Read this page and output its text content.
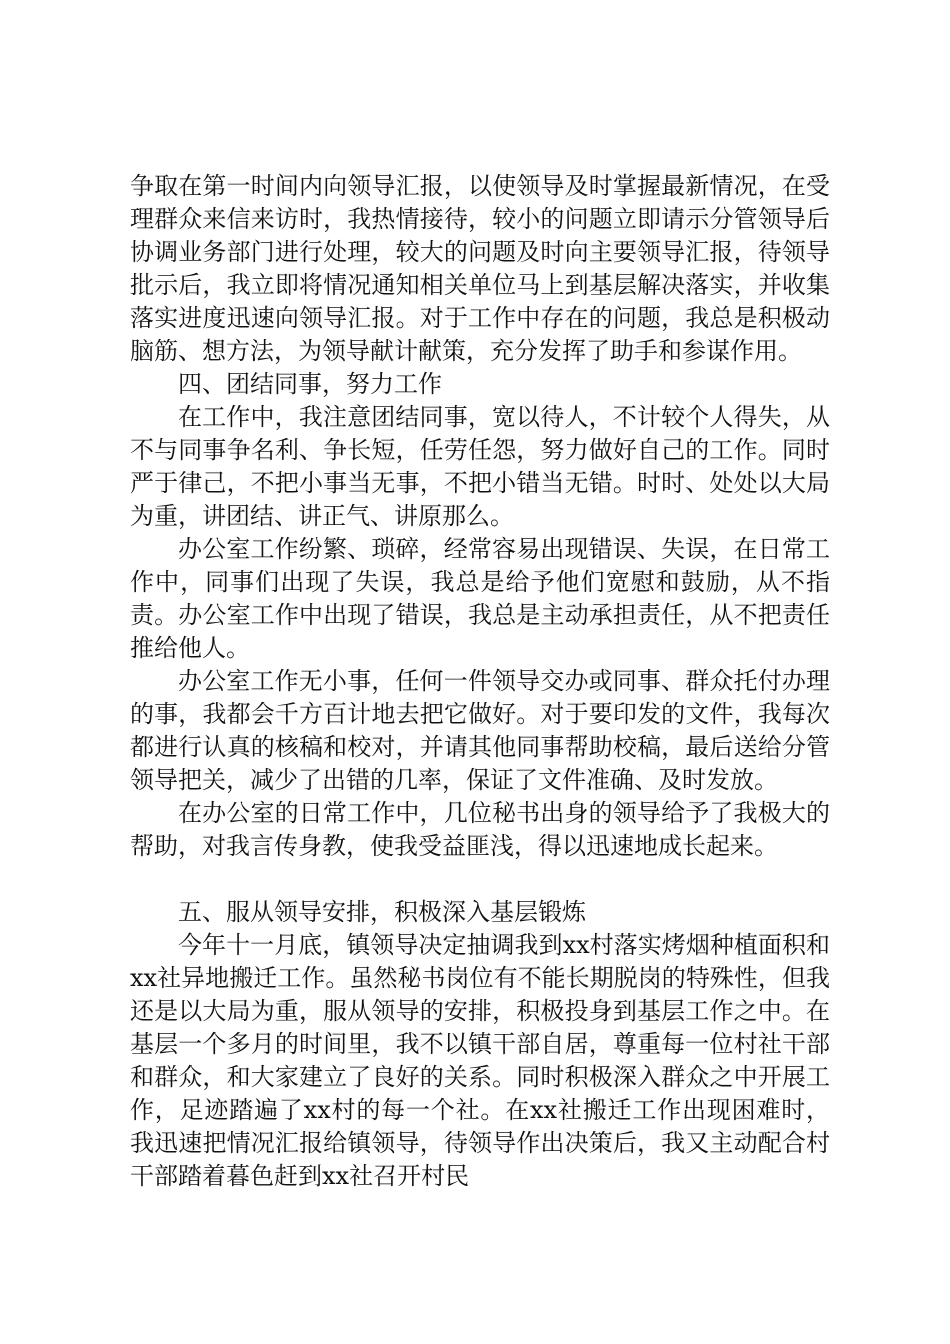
争取在第一时间内向领导汇报，以使领导及时掌握最新情况，在受理群众来信来访时，我热情接待，较小的问题立即请示分管领导后协调业务部门进行处理，较大的问题及时向主要领导汇报，待领导批示后，我立即将情况通知相关单位马上到基层解决落实，并收集落实进度迅速向领导汇报。对于工作中存在的问题，我总是积极动脑筋、想方法，为领导献计献策，充分发挥了助手和参谋作用。

四、团结同事，努力工作

在工作中，我注意团结同事，宽以待人，不计较个人得失，从不与同事争名利、争长短，任劳任怨，努力做好自己的工作。同时严于律己，不把小事当无事，不把小错当无错。时时、处处以大局为重，讲团结、讲正气、讲原那么。

办公室工作纷繁、琐碎，经常容易出现错误、失误，在日常工作中，同事们出现了失误，我总是给予他们宽慰和鼓励，从不指责。办公室工作中出现了错误，我总是主动承担责任，从不把责任推给他人。

办公室工作无小事，任何一件领导交办或同事、群众托付办理的事，我都会千方百计地去把它做好。对于要印发的文件，我每次都进行认真的核稿和校对，并请其他同事帮助校稿，最后送给分管领导把关，减少了出错的几率，保证了文件准确、及时发放。

在办公室的日常工作中，几位秘书出身的领导给予了我极大的帮助，对我言传身教，使我受益匪浅，得以迅速地成长起来。

五、服从领导安排，积极深入基层锻炼

今年十一月底，镇领导决定抽调我到xx村落实烤烟种植面积和xx社异地搬迁工作。虽然秘书岗位有不能长期脱岗的特殊性，但我还是以大局为重，服从领导的安排，积极投身到基层工作之中。在基层一个多月的时间里，我不以镇干部自居，尊重每一位村社干部和群众，和大家建立了良好的关系。同时积极深入群众之中开展工作，足迹踏遍了xx村的每一个社。在xx社搬迁工作出现困难时，我迅速把情况汇报给镇领导，待领导作出决策后，我又主动配合村干部踏着暮色赶到xx社召开村民
